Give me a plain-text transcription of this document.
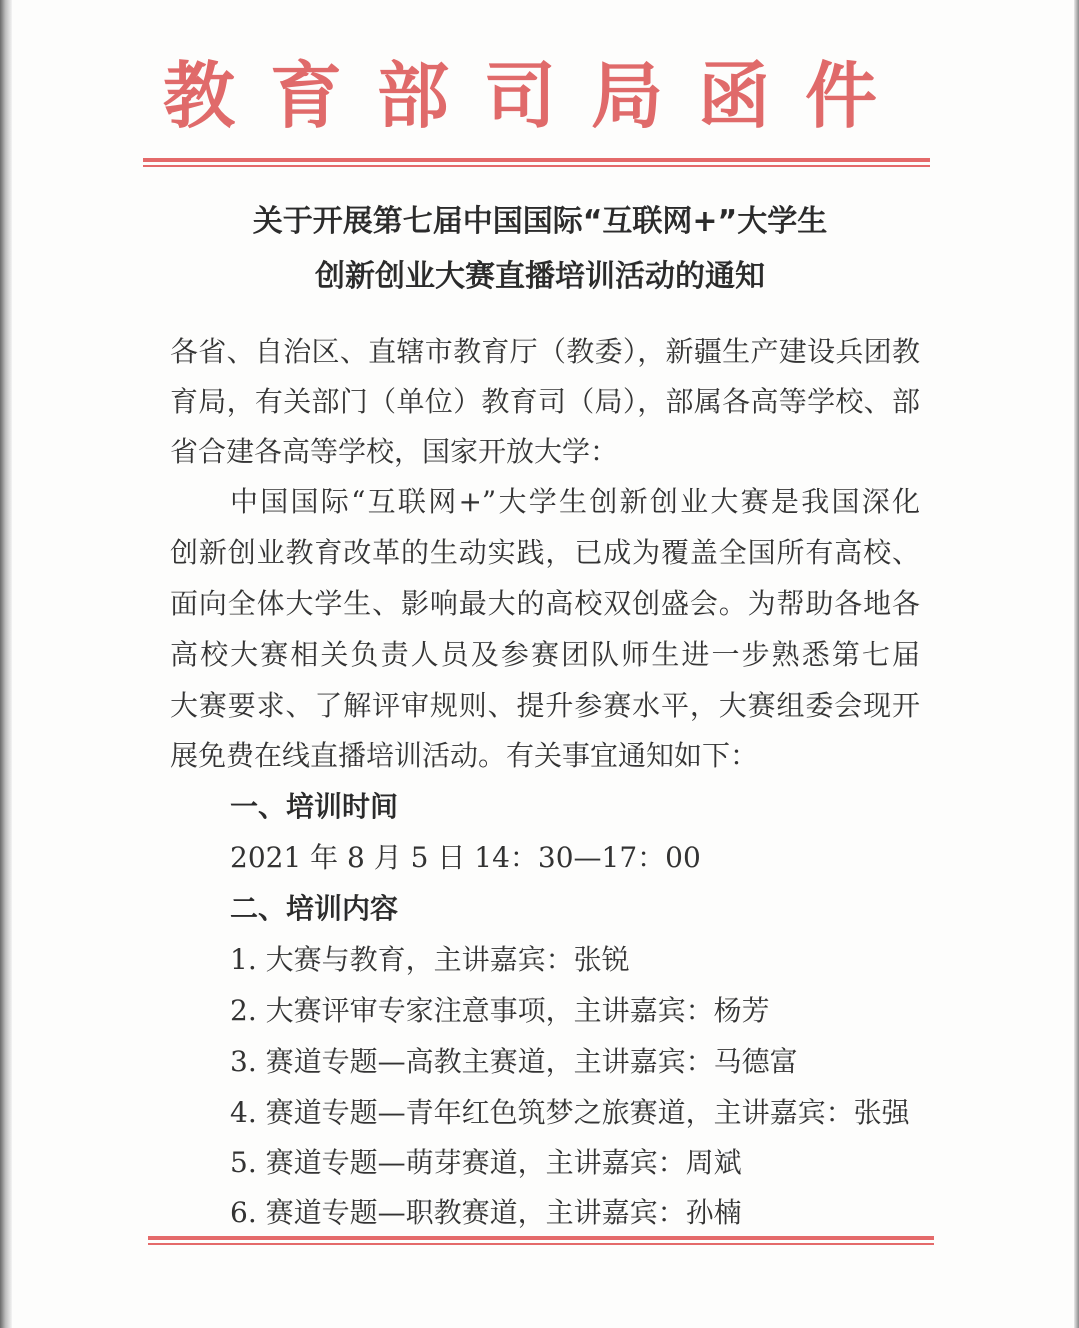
教育部司局函件
关于开展第七届中国国际“互联网+”大学生
创新创业大赛直播培训活动的通知
各省、自治区、直辖市教育厅（教委），新疆生产建设兵团教
育局，有关部门（单位）教育司（局），部属各高等学校、部
省合建各高等学校，国家开放大学：
中国国际“互联网+”大学生创新创业大赛是我国深化
创新创业教育改革的生动实践，已成为覆盖全国所有高校、
面向全体大学生、影响最大的高校双创盛会。为帮助各地各
高校大赛相关负责人员及参赛团队师生进一步熟悉第七届
大赛要求、了解评审规则、提升参赛水平，大赛组委会现开
展免费在线直播培训活动。有关事宜通知如下：
一、培训时间
2021 年 8 月 5 日 14：30—17：00
二、培训内容
1. 大赛与教育，主讲嘉宾：张锐
2. 大赛评审专家注意事项，主讲嘉宾：杨芳
3. 赛道专题—高教主赛道，主讲嘉宾：马德富
4. 赛道专题—青年红色筑梦之旅赛道，主讲嘉宾：张强
5. 赛道专题—萌芽赛道，主讲嘉宾：周斌
6. 赛道专题—职教赛道，主讲嘉宾：孙楠
